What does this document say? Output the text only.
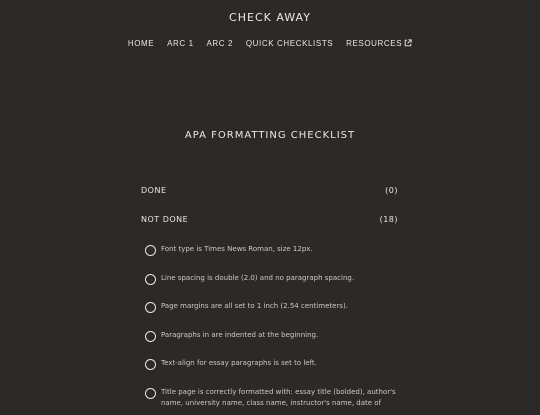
CHECK AWAY
HOME ARC 1 ARC 2 QUICK CHECKLISTS RESOURCES
APA FORMATTING CHECKLIST
DONE	(0)
NOT DONE	(18)
Font type is Times News Roman, size 12px.
Line spacing is double (2.0) and no paragraph spacing.
Page margins are all set to 1 inch (2.54 centimeters).
Paragraphs in are indented at the beginning.
Text-align for essay paragraphs is set to left.
Title page is correctly formatted with: essay title (bolded), author's name, university name, class name, instructor's name, date of
